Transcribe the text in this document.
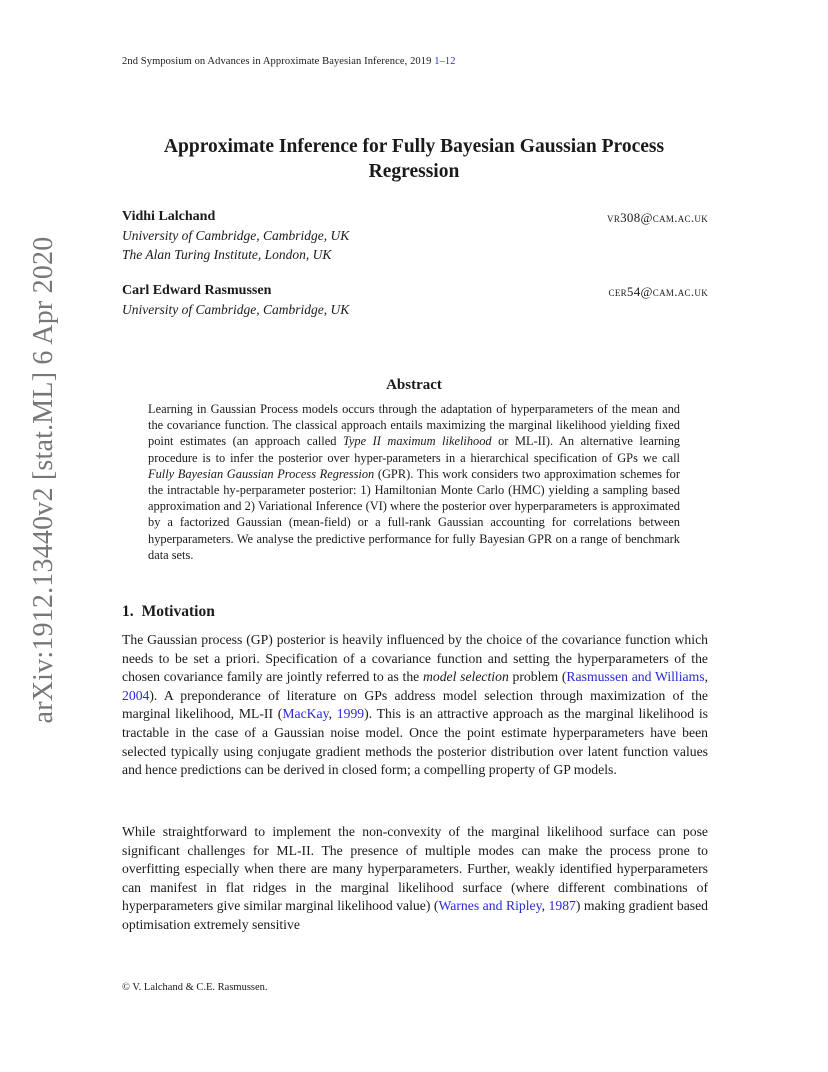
2nd Symposium on Advances in Approximate Bayesian Inference, 2019 1–12
Approximate Inference for Fully Bayesian Gaussian Process
Regression
Vidhi Lalchand	vr308@cam.ac.uk
University of Cambridge, Cambridge, UK
The Alan Turing Institute, London, UK
Carl Edward Rasmussen	cer54@cam.ac.uk
University of Cambridge, Cambridge, UK
arXiv:1912.13440v2 [stat.ML] 6 Apr 2020	Abstract

Learning in Gaussian Process models occurs through the adaptation of hyperparameters of the mean and the covariance function. The classical approach entails maximizing the marginal likelihood yielding fixed point estimates (an approach called Type II maximum likelihood or ML-II). An alternative learning procedure is to infer the posterior over hyper-parameters in a hierarchical specification of GPs we call Fully Bayesian Gaussian Process Regression (GPR). This work considers two approximation schemes for the intractable hy-perparameter posterior: 1) Hamiltonian Monte Carlo (HMC) yielding a sampling based approximation and 2) Variational Inference (VI) where the posterior over hyperparameters is approximated by a factorized Gaussian (mean-field) or a full-rank Gaussian accounting for correlations between hyperparameters. We analyse the predictive performance for fully Bayesian GPR on a range of benchmark data sets.

1. Motivation

The Gaussian process (GP) posterior is heavily influenced by the choice of the covariance function which needs to be set a priori. Specification of a covariance function and setting the hyperparameters of the chosen covariance family are jointly referred to as the model selection problem (Rasmussen and Williams, 2004). A preponderance of literature on GPs address model selection through maximization of the marginal likelihood, ML-II (MacKay, 1999). This is an attractive approach as the marginal likelihood is tractable in the case of a Gaussian noise model. Once the point estimate hyperparameters have been selected typically using conjugate gradient methods the posterior distribution over latent function values and hence predictions can be derived in closed form; a compelling property of GP models.

While straightforward to implement the non-convexity of the marginal likelihood surface can pose significant challenges for ML-II. The presence of multiple modes can make the process prone to overfitting especially when there are many hyperparameters. Further, weakly identified hyperparameters can manifest in flat ridges in the marginal likelihood surface (where different combinations of hyperparameters give similar marginal likelihood value) (Warnes and Ripley, 1987) making gradient based optimisation extremely sensitive

© V. Lalchand & C.E. Rasmussen.
